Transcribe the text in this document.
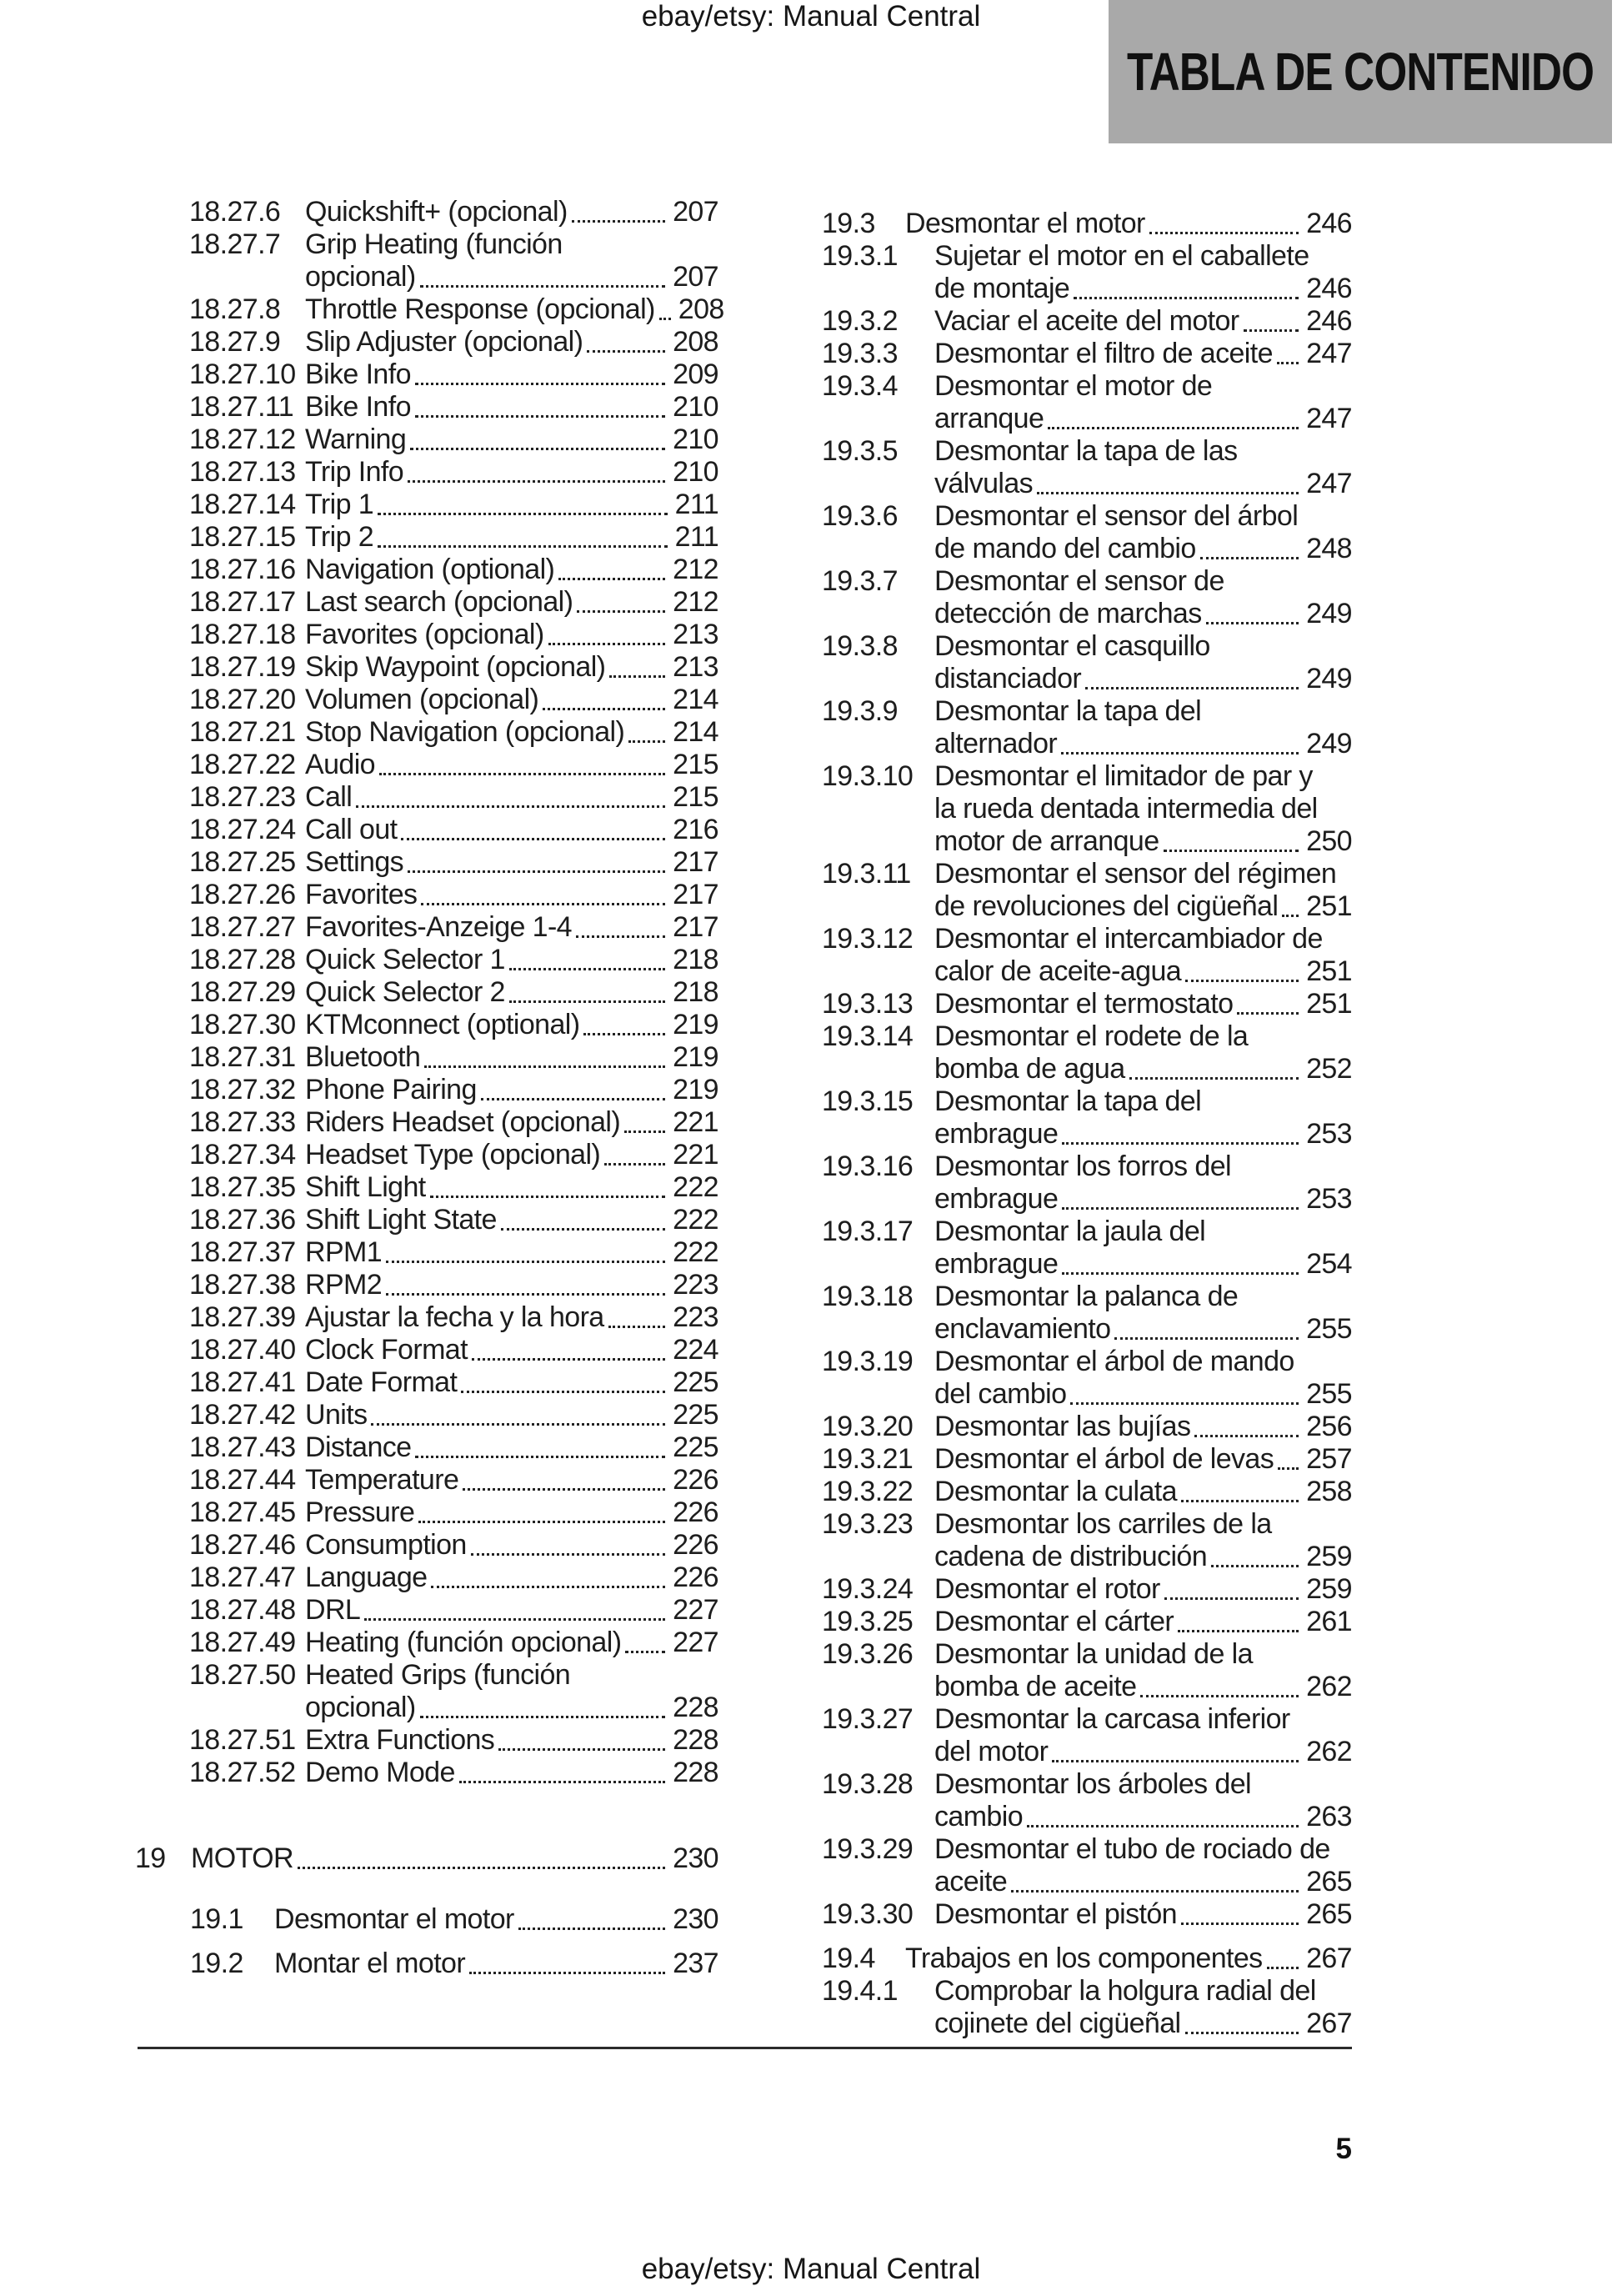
ebay/etsy: Manual Central
TABLA DE CONTENIDO
18.27.6 Quickshift+ (opcional)	207
18.27.7 Grip Heating (función
opcional)	207
18.27.8 Throttle Response (opcional) 208
18.27.9 Slip Adjuster (opcional)	208
18.27.10 Bike Info	209
18.27.11 Bike Info	210
18.27.12 Warning	210
18.27.13 Trip Info	210
18.27.14 Trip 1	211
18.27.15 Trip 2	211
18.27.16 Navigation (optional)	212
18.27.17 Last search (opcional)	212
18.27.18 Favorites (opcional)	213
18.27.19 Skip Waypoint (opcional) 213
18.27.20 Volumen (opcional)	214
18.27.21 Stop Navigation (opcional) 214
18.27.22 Audio	215
18.27.23 Call	215
18.27.24 Call out	216
18.27.25 Settings	217
18.27.26 Favorites	217
18.27.27 Favorites-Anzeige 1-4	217
18.27.28 Quick Selector 1	218
18.27.29 Quick Selector 2	218
18.27.30 KTMconnect (optional)	219
18.27.31 Bluetooth	219
18.27.32 Phone Pairing	219
18.27.33 Riders Headset (opcional) 221
18.27.34 Headset Type (opcional)	221
18.27.35 Shift Light	222
18.27.36 Shift Light State	222
18.27.37 RPM1	222
18.27.38 RPM2	223
18.27.39 Ajustar la fecha y la hora 223
18.27.40 Clock Format	224
18.27.41 Date Format	225
18.27.42 Units	225
18.27.43 Distance	225
18.27.44 Temperature	226
18.27.45 Pressure	226
18.27.46 Consumption	226
18.27.47 Language	226
18.27.48 DRL	227
18.27.49 Heating (función opcional) 227
18.27.50 Heated Grips (función
opcional)	228
18.27.51 Extra Functions	228
18.27.52 Demo Mode	228
19 MOTOR	230
19.1	Desmontar el motor	230
19.2	Montar el motor	237
19.3	Desmontar el motor	246
19.3.1	Sujetar el motor en el caballete
de montaje	246
19.3.2	Vaciar el aceite del motor 246
19.3.3	Desmontar el filtro de aceite 247
19.3.4	Desmontar el motor de
arranque	247
19.3.5	Desmontar la tapa de las
válvulas	247
19.3.6	Desmontar el sensor del árbol
de mando del cambio	248
19.3.7	Desmontar el sensor de
detección de marchas	249
19.3.8	Desmontar el casquillo
distanciador	249
19.3.9	Desmontar la tapa del
alternador	249
19.3.10 Desmontar el limitador de par y
la rueda dentada intermedia del
motor de arranque	250
19.3.11 Desmontar el sensor del régimen
de revoluciones del cigüeñal 251
19.3.12 Desmontar el intercambiador de
calor de aceite-agua	251
19.3.13 Desmontar el termostato	251
19.3.14 Desmontar el rodete de la
bomba de agua	252
19.3.15 Desmontar la tapa del
embrague	253
19.3.16 Desmontar los forros del
embrague	253
19.3.17 Desmontar la jaula del
embrague	254
19.3.18 Desmontar la palanca de
enclavamiento	255
19.3.19 Desmontar el árbol de mando
del cambio	255
19.3.20 Desmontar las bujías	256
19.3.21 Desmontar el árbol de levas 257
19.3.22 Desmontar la culata	258
19.3.23 Desmontar los carriles de la
cadena de distribución	259
19.3.24 Desmontar el rotor	259
19.3.25 Desmontar el cárter	261
19.3.26 Desmontar la unidad de la
bomba de aceite	262
19.3.27 Desmontar la carcasa inferior
del motor	262
19.3.28 Desmontar los árboles del
cambio	263
19.3.29 Desmontar el tubo de rociado de
aceite	265
19.3.30 Desmontar el pistón	265
19.4	Trabajos en los componentes 267
19.4.1	Comprobar la holgura radial del
cojinete del cigüeñal	267
5
ebay/etsy: Manual Central
